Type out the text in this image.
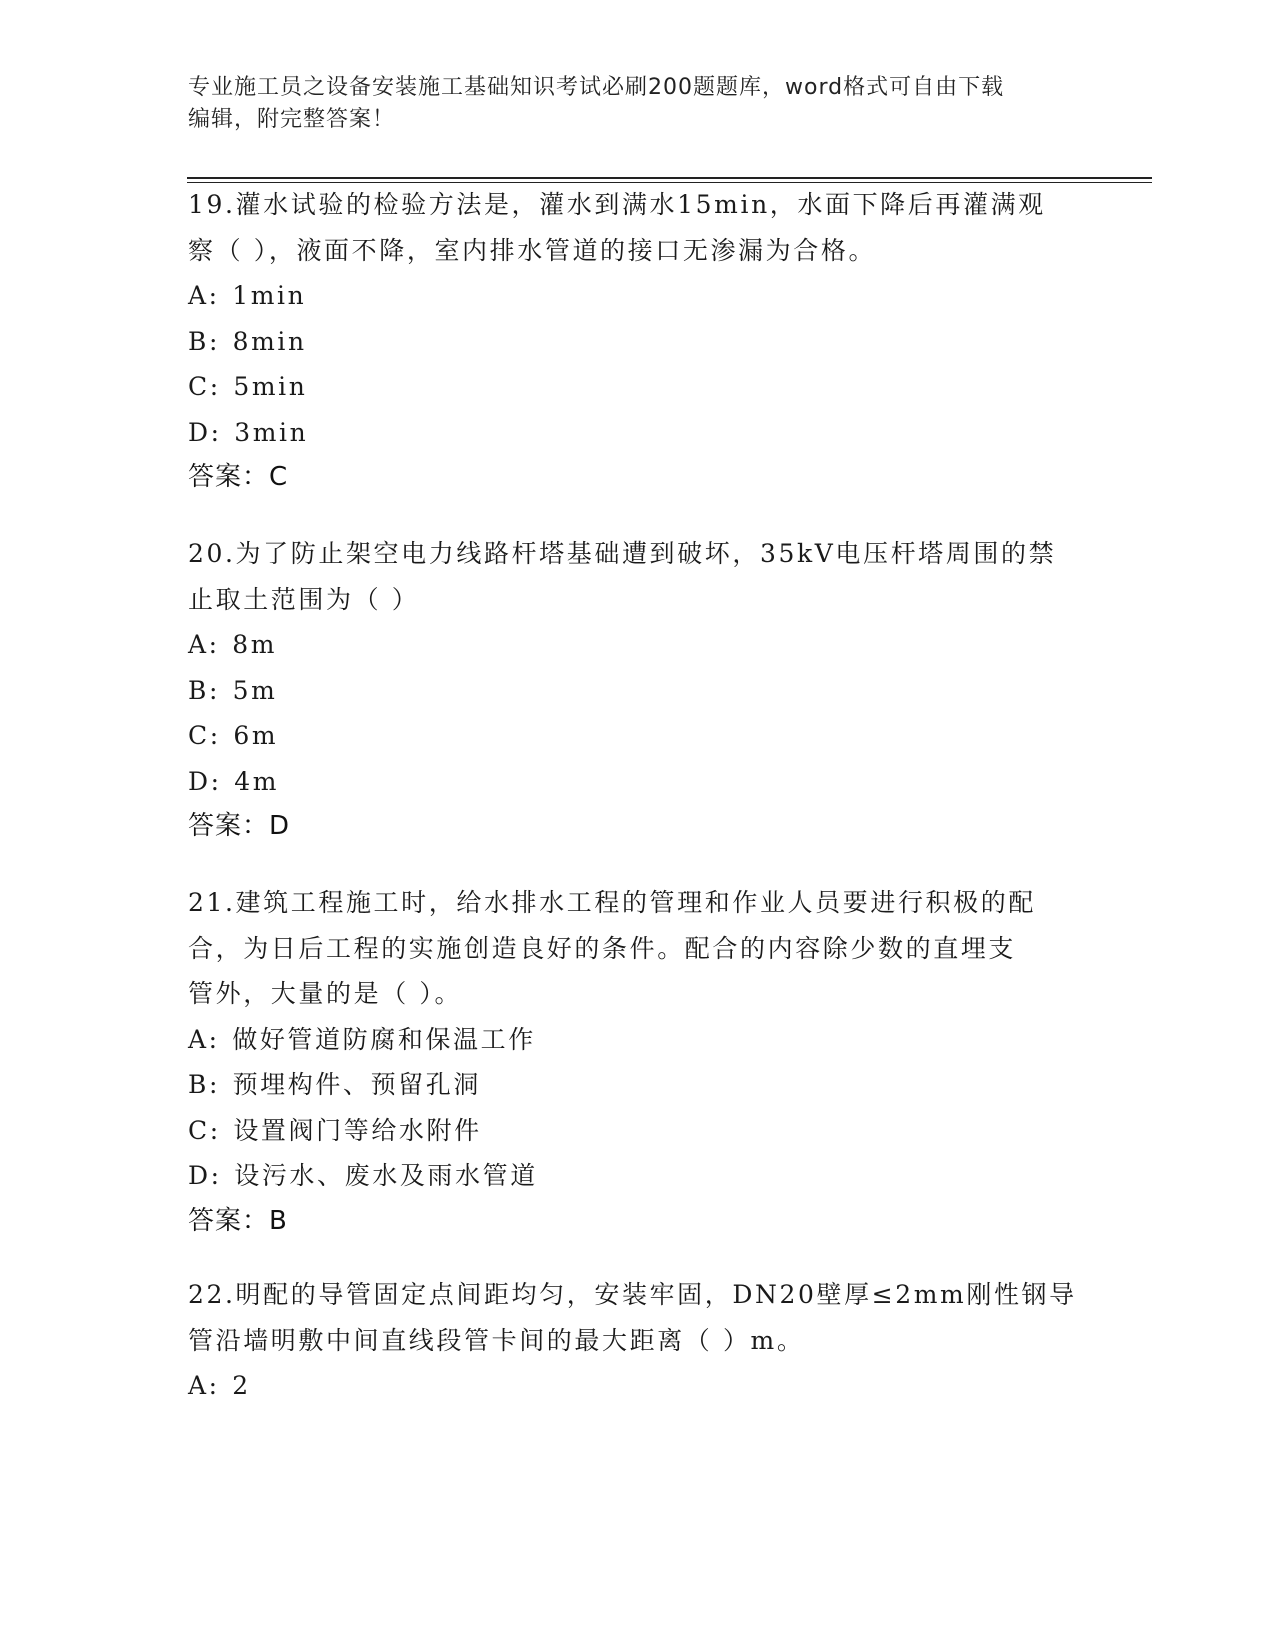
专业施工员之设备安装施工基础知识考试必刷200题题库，word格式可自由下载
编辑，附完整答案！

19.灌水试验的检验方法是，灌水到满水15min，水面下降后再灌满观

察（ ），液面不降，室内排水管道的接口无渗漏为合格。

A: 1min

B: 8min

C: 5min

D: 3min

答案：C

20.为了防止架空电力线路杆塔基础遭到破坏，35kV电压杆塔周围的禁

止取土范围为（ ）

A: 8m

B: 5m

C: 6m

D: 4m

答案：D

21.建筑工程施工时，给水排水工程的管理和作业人员要进行积极的配

合，为日后工程的实施创造良好的条件。配合的内容除少数的直埋支

管外，大量的是（ ）。

A: 做好管道防腐和保温工作

B: 预埋构件、预留孔洞

C: 设置阀门等给水附件

D: 设污水、废水及雨水管道

答案：B

22.明配的导管固定点间距均匀，安装牢固，DN20壁厚≤2mm刚性钢导

管沿墙明敷中间直线段管卡间的最大距离（ ）m。

A: 2
